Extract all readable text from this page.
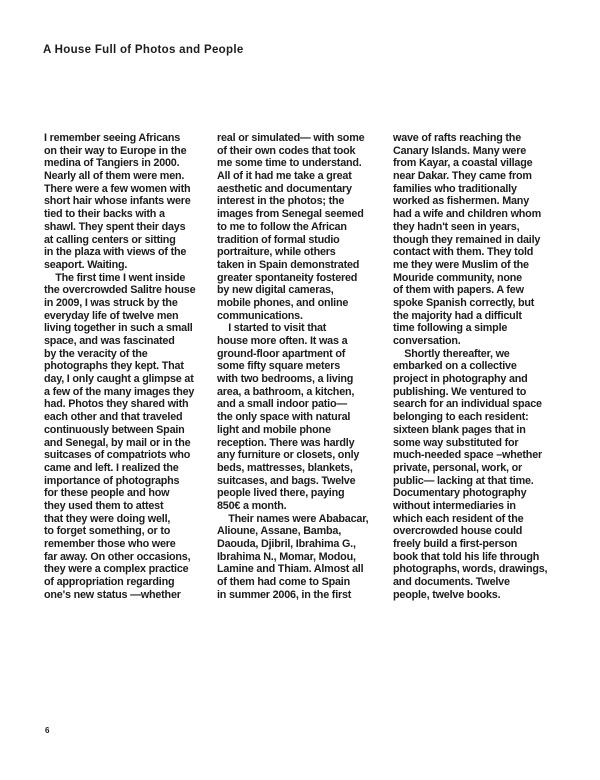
A House Full of Photos and People
I remember seeing Africans
on their way to Europe in the
medina of Tangiers in 2000.
Nearly all of them were men.
There were a few women with
short hair whose infants were
tied to their backs with a
shawl. They spent their days
at calling centers or sitting
in the plaza with views of the
seaport. Waiting.
The first time I went inside
the overcrowded Salitre house
in 2009, I was struck by the
everyday life of twelve men
living together in such a small
space, and was fascinated
by the veracity of the
photographs they kept. That
day, I only caught a glimpse at
a few of the many images they
had. Photos they shared with
each other and that traveled
continuously between Spain
and Senegal, by mail or in the
suitcases of compatriots who
came and left. I realized the
importance of photographs
for these people and how
they used them to attest
that they were doing well,
to forget something, or to
remember those who were
far away. On other occasions,
they were a complex practice
of appropriation regarding
one's new status —whether
real or simulated— with some
of their own codes that took
me some time to understand.
All of it had me take a great
aesthetic and documentary
interest in the photos; the
images from Senegal seemed
to me to follow the African
tradition of formal studio
portraiture, while others
taken in Spain demonstrated
greater spontaneity fostered
by new digital cameras,
mobile phones, and online
communications.
I started to visit that
house more often. It was a
ground-floor apartment of
some fifty square meters
with two bedrooms, a living
area, a bathroom, a kitchen,
and a small indoor patio—
the only space with natural
light and mobile phone
reception. There was hardly
any furniture or closets, only
beds, mattresses, blankets,
suitcases, and bags. Twelve
people lived there, paying
850€ a month.
Their names were Ababacar,
Alioune, Assane, Bamba,
Daouda, Djibril, Ibrahima G.,
Ibrahima N., Momar, Modou,
Lamine and Thiam. Almost all
of them had come to Spain
in summer 2006, in the first
wave of rafts reaching the
Canary Islands. Many were
from Kayar, a coastal village
near Dakar. They came from
families who traditionally
worked as fishermen. Many
had a wife and children whom
they hadn't seen in years,
though they remained in daily
contact with them. They told
me they were Muslim of the
Mouride community, none
of them with papers. A few
spoke Spanish correctly, but
the majority had a difficult
time following a simple
conversation.
Shortly thereafter, we
embarked on a collective
project in photography and
publishing. We ventured to
search for an individual space
belonging to each resident:
sixteen blank pages that in
some way substituted for
much-needed space –whether
private, personal, work, or
public— lacking at that time.
Documentary photography
without intermediaries in
which each resident of the
overcrowded house could
freely build a first-person
book that told his life through
photographs, words, drawings,
and documents. Twelve
people, twelve books.
6
